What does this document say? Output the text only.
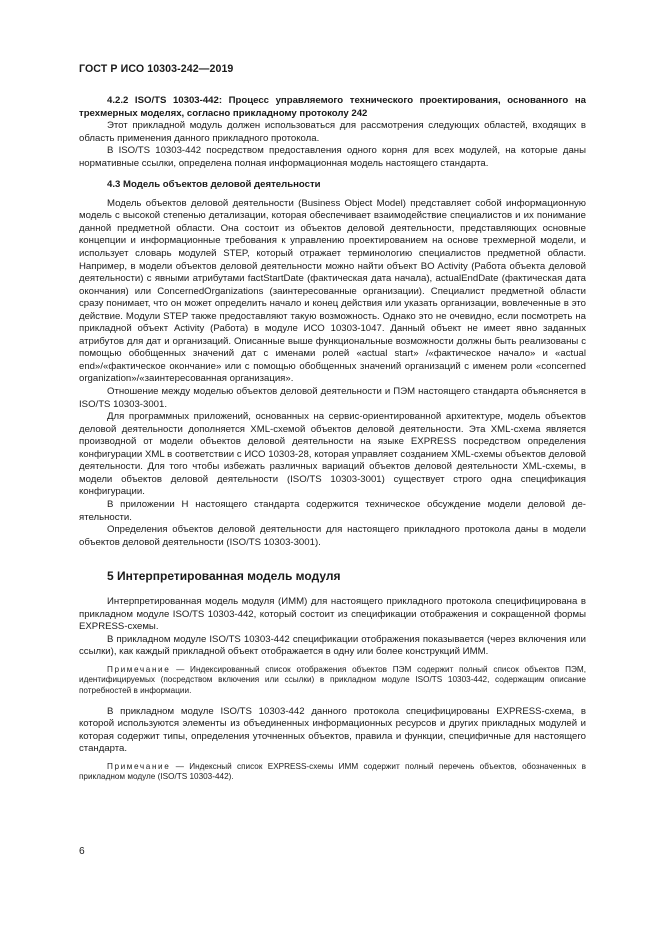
ГОСТ Р ИСО 10303-242—2019

4.2.2 ISO/TS 10303-442: Процесс управляемого технического проектирования, основанного на трехмерных моделях, согласно прикладному протоколу 242

Этот прикладной модуль должен использоваться для рассмотрения следующих областей, входящих в область применения данного прикладного протокола.

В ISO/TS 10303-442 посредством предоставления одного корня для всех модулей, на которые даны нормативные ссылки, определена полная информационная модель настоящего стандарта.

4.3 Модель объектов деловой деятельности

Модель объектов деловой деятельности (Business Object Model) представляет собой информационную модель с высокой степенью детализации, которая обеспечивает взаимодействие специалистов и их понимание данной предметной области. Она состоит из объектов деловой деятельности, представляющих основные концепции и информационные требования к управлению проектированием на основе трехмерной модели, и использует словарь модулей STEP, который отражает терминологию специалистов предметной области. Например, в модели объектов деловой деятельности можно найти объект BO Activity (Работа объекта деловой деятельности) с явными атрибутами factStartDate (фактическая дата начала), actualEndDate (фактическая дата окончания) или ConcernedOrganizations (заинтересованные организации). Специалист предметной области сразу понимает, что он может определить начало и конец действия или указать организации, вовлеченные в это действие. Модули STEP также предоставляют такую возможность. Однако это не очевидно, если посмотреть на прикладной объект Activity (Работа) в модуле ИСО 10303-1047. Данный объект не имеет явно заданных атрибутов для дат и организаций. Описанные выше функциональные возможности должны быть реализованы с помощью обобщенных значений дат с именами ролей «actual start» /«фактическое начало» и «actual end»/«фактическое окончание» или с помощью обобщенных значений организаций с именем роли «concerned organization»/«заинтересованная организация».

Отношение между моделью объектов деловой деятельности и ПЭМ настоящего стандарта объясняется в ISO/TS 10303-3001.

Для программных приложений, основанных на сервис-ориентированной архитектуре, модель объектов деловой деятельности дополняется XML-схемой объектов деловой деятельности. Эта XML-схема является производной от модели объектов деловой деятельности на языке EXPRESS посредством определения конфигурации XML в соответствии с ИСО 10303-28, которая управляет созданием XML-схемы объектов деловой деятельности. Для того чтобы избежать различных вариаций объектов деловой деятельности XML-схемы, в модели объектов деловой деятельности (ISO/TS 10303-3001) существует строго одна спецификация конфигурации.

В приложении Н настоящего стандарта содержится техническое обсуждение модели деловой деятельности.

Определения объектов деловой деятельности для настоящего прикладного протокола даны в модели объектов деловой деятельности (ISO/TS 10303-3001).

5 Интерпретированная модель модуля

Интерпретированная модель модуля (ИММ) для настоящего прикладного протокола специфицирована в прикладном модуле ISO/TS 10303-442, который состоит из спецификации отображения и сокращенной формы EXPRESS-схемы.

В прикладном модуле ISO/TS 10303-442 спецификации отображения показывается (через включения или ссылки), как каждый прикладной объект отображается в одну или более конструкций ИММ.

Примечание — Индексированный список отображения объектов ПЭМ содержит полный список объектов ПЭМ, идентифицируемых (посредством включения или ссылки) в прикладном модуле ISO/TS 10303-442, содержащим описание потребностей в информации.

В прикладном модуле ISO/TS 10303-442 данного протокола специфицированы EXPRESS-схема, в которой используются элементы из объединенных информационных ресурсов и других прикладных модулей и которая содержит типы, определения уточненных объектов, правила и функции, специфичные для настоящего стандарта.

Примечание — Индексный список EXPRESS-схемы ИММ содержит полный перечень объектов, обозначенных в прикладном модуле (ISO/TS 10303-442).

6
